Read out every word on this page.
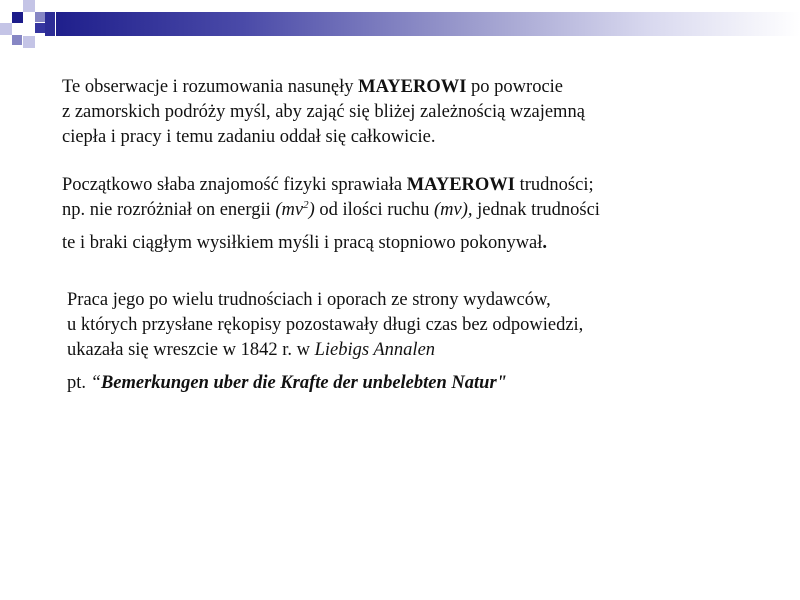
Te obserwacje i rozumowania nasunęły MAYEROWI po powrocie
z zamorskich podróży myśl, aby zająć się bliżej zależnością wzajemną
ciepła i pracy i temu zadaniu oddał się całkowicie.

Początkowo słaba znajomość fizyki sprawiała MAYEROWI trudności;
np. nie rozróżniał on energii $(mv^2)$ od ilości ruchu (mv), jednak trudności
te i braki ciągłym wysiłkiem myśli i pracą stopniowo pokonywał.

Praca jego po wielu trudnościach i oporach ze strony wydawców,
u których przysłane rękopisy pozostawały długi czas bez odpowiedzi,
ukazała się wreszcie w 1842 r. w Liebigs Annalen
pt. “Bemerkungen uber die Krafte der unbelebten Natur"
